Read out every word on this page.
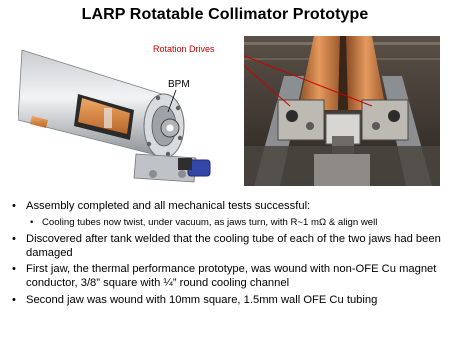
LARP Rotatable Collimator Prototype
BPM
Rotation Drives
• Assembly completed and all mechanical tests successful:
• Cooling tubes now twist, under vacuum, as jaws turn, with R~1 mΩ & align well
• Discovered after tank welded that the cooling tube of each of the two jaws had been damaged
• First jaw, the thermal performance prototype, was wound with non-OFE Cu magnet conductor, 3/8” square with ¼” round cooling channel
• Second jaw was wound with 10mm square, 1.5mm wall OFE Cu tubing
